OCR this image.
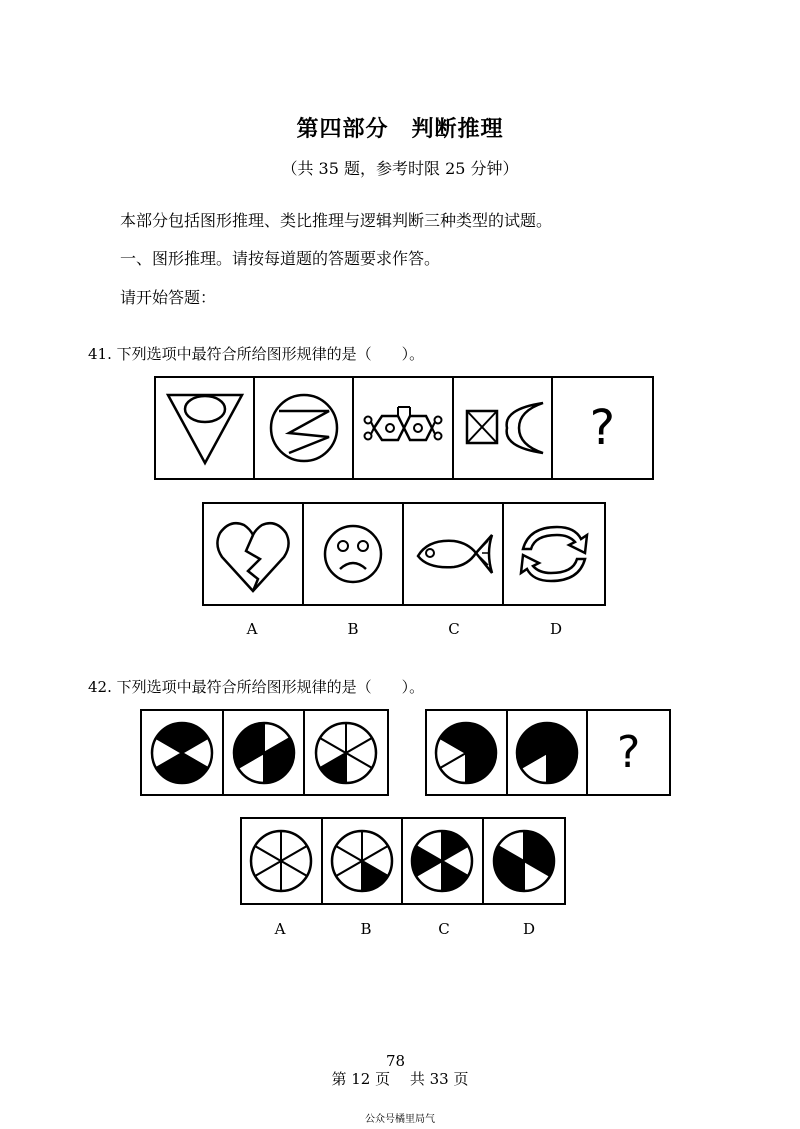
第四部分　判断推理
（共 35 题，参考时限 25 分钟）
本部分包括图形推理、类比推理与逻辑判断三种类型的试题。
一、图形推理。请按每道题的答题要求作答。
请开始答题：
41. 下列选项中最符合所给图形规律的是（　　）。
?
A	B	C	D
42. 下列选项中最符合所给图形规律的是（　　）。
?
A	B	C	D
78
第 12 页　 共 33 页
公众号橘里局气
